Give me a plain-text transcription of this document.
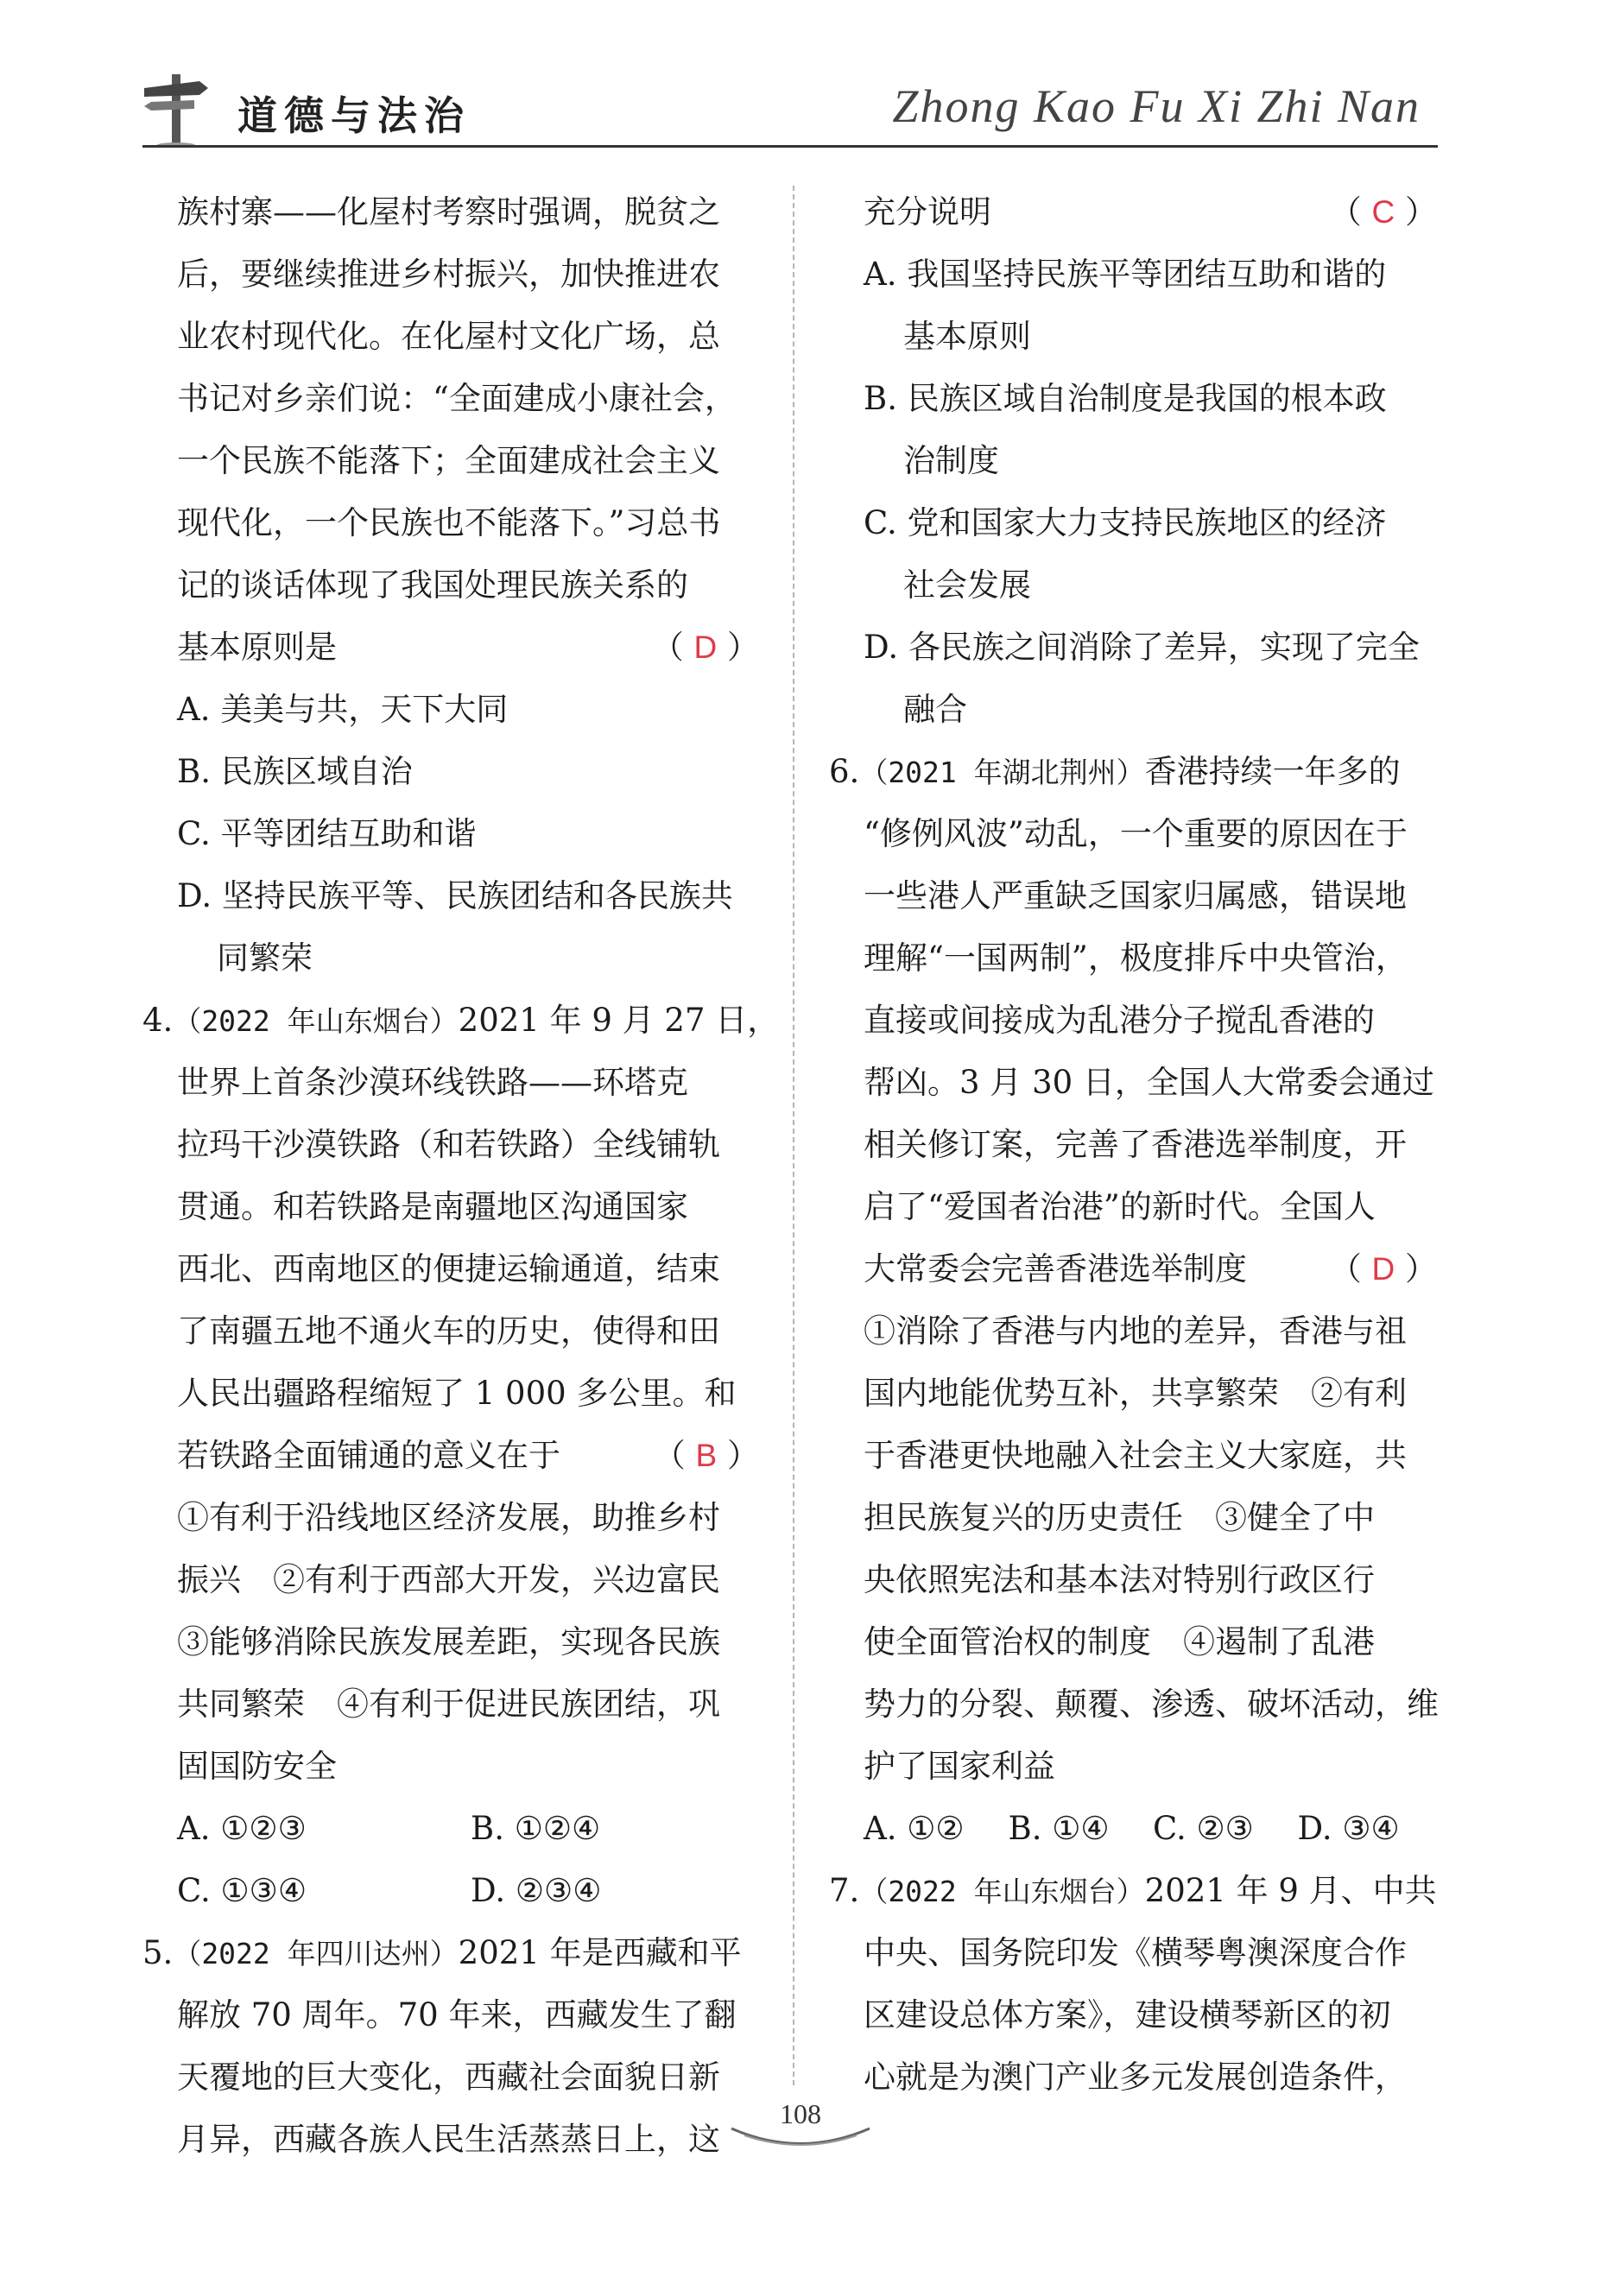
道德与法治	Zhong Kao Fu Xi Zhi Nan
族村寨——化屋村考察时强调，脱贫之
后，要继续推进乡村振兴，加快推进农
业农村现代化。在化屋村文化广场，总
书记对乡亲们说：“全面建成小康社会，
一个民族不能落下；全面建成社会主义
现代化，一个民族也不能落下。”习总书
记的谈话体现了我国处理民族关系的
基本原则是	（ D ）
A. 美美与共，天下大同
B. 民族区域自治
C. 平等团结互助和谐
D. 坚持民族平等、民族团结和各民族共
同繁荣
4.（2022 年山东烟台）2021 年 9 月 27 日，
世界上首条沙漠环线铁路——环塔克
拉玛干沙漠铁路（和若铁路）全线铺轨
贯通。和若铁路是南疆地区沟通国家
西北、西南地区的便捷运输通道，结束
了南疆五地不通火车的历史，使得和田
人民出疆路程缩短了 1 000 多公里。和
若铁路全面铺通的意义在于	（ B ）
①有利于沿线地区经济发展，助推乡村
振兴　②有利于西部大开发，兴边富民
③能够消除民族发展差距，实现各民族
共同繁荣　④有利于促进民族团结，巩
固国防安全
A. ①②③	B. ①②④
C. ①③④	D. ②③④
5.（2022 年四川达州）2021 年是西藏和平
解放 70 周年。70 年来，西藏发生了翻
天覆地的巨大变化，西藏社会面貌日新
月异，西藏各族人民生活蒸蒸日上，这
充分说明	（ C ）
A. 我国坚持民族平等团结互助和谐的
基本原则
B. 民族区域自治制度是我国的根本政
治制度
C. 党和国家大力支持民族地区的经济
社会发展
D. 各民族之间消除了差异，实现了完全
融合
6.（2021 年湖北荆州）香港持续一年多的
“修例风波”动乱，一个重要的原因在于
一些港人严重缺乏国家归属感，错误地
理解“一国两制”，极度排斥中央管治，
直接或间接成为乱港分子搅乱香港的
帮凶。3 月 30 日，全国人大常委会通过
相关修订案，完善了香港选举制度，开
启了“爱国者治港”的新时代。全国人
大常委会完善香港选举制度	（ D ）
①消除了香港与内地的差异，香港与祖
国内地能优势互补，共享繁荣　②有利
于香港更快地融入社会主义大家庭，共
担民族复兴的历史责任　③健全了中
央依照宪法和基本法对特别行政区行
使全面管治权的制度　④遏制了乱港
势力的分裂、颠覆、渗透、破坏活动，维
护了国家利益
A. ①②	B. ①④	C. ②③	D. ③④
7.（2022 年山东烟台）2021 年 9 月、中共
中央、国务院印发《横琴粤澳深度合作
区建设总体方案》，建设横琴新区的初
心就是为澳门产业多元发展创造条件，
108
